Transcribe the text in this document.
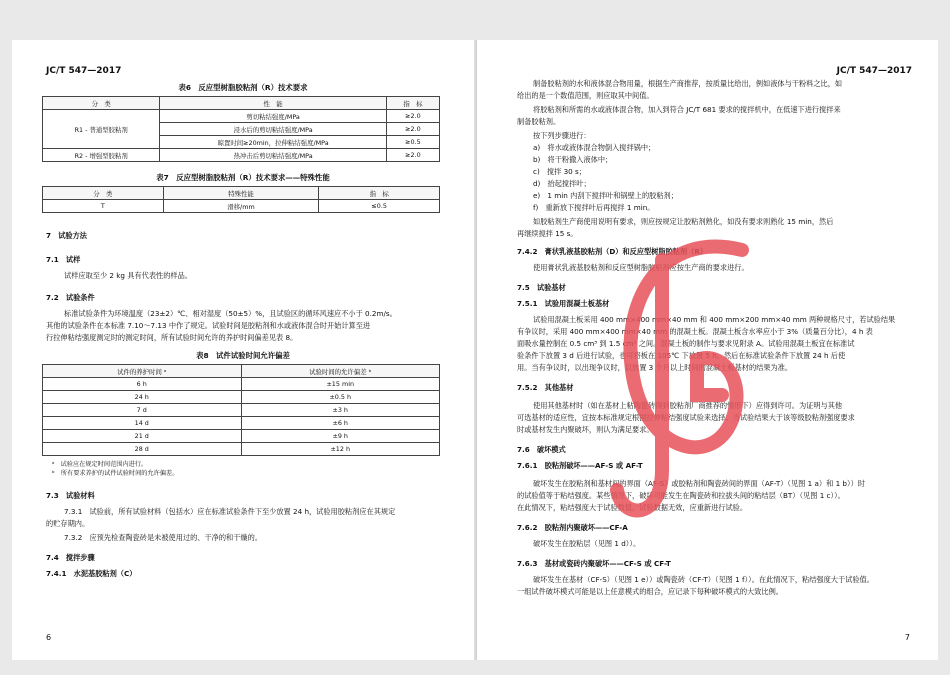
JC/T 547—2017
表6　反应型树脂胶粘剂（R）技术要求
分　类	性　能	指　标
R1 - 普通型胶粘剂	剪切粘结强度/MPa	≥2.0
	浸水后的剪切粘结强度/MPa	≥2.0
	晾置时间≥20min，拉伸粘结强度/MPa	≥0.5
R2 - 增强型胶粘剂	热冲击后剪切粘结强度/MPa	≥2.0
表7　反应型树脂胶粘剂（R）技术要求——特殊性能
分　类	特殊性能	指　标
T	滑移/mm	≤0.5
7　试验方法
7.1　试样
试样应取至少 2 kg 具有代表性的样品。
7.2　试验条件
标准试验条件为环境温度（23±2）℃、相对湿度（50±5）%，且试验区的循环风速应不小于 0.2m/s。
其他的试验条件在本标准 7.10～7.13 中作了规定。试验时间是胶粘剂和水或液体混合时开始计算至进
行拉伸粘结强度测定时的测定时间，所有试验时间允许的养护时间偏差见表 8。
表8　试件试验时间允许偏差
试件的养护时间 ᵃ	试验时间的允许偏差 ᵇ
6 h	±15 min
24 h	±0.5 h
7 d	±3 h
14 d	±6 h
21 d	±9 h
28 d	±12 h
ᵃ　试验应在规定时间范围内进行。
ᵇ　所有要求养护的试件试验时间的允许偏差。
7.3　试验材料
7.3.1　试验前，所有试验材料（包括水）应在标准试验条件下至少放置 24 h，试验用胶粘剂应在其规定
的贮存期内。
7.3.2　应预先检查陶瓷砖是未被使用过的、干净的和干燥的。
7.4　搅拌步骤
7.4.1　水泥基胶粘剂（C）
6
JC/T 547—2017
制备胶粘剂的水和液体混合物用量，根据生产商推荐，按质量比给出，例如液体与干粉料之比，如
给出的是一个数值范围，则应取其中间值。
将胶粘剂和所需的水或液体混合物，加入到符合 JC/T 681 要求的搅拌机中，在低速下进行搅拌来
制备胶粘剂。
按下列步骤进行：
a)　将水或液体混合物倒入搅拌锅中；
b)　将干粉撒入液体中；
c)　搅拌 30 s；
d)　抬起搅拌叶；
e)　1 min 内刮下搅拌叶和锅壁上的胶粘剂；
f)　重新放下搅拌叶后再搅拌 1 min。
如胶粘剂生产商使用说明有要求，则应按规定让胶粘剂熟化，如没有要求则熟化 15 min，然后
再继续搅拌 15 s。
7.4.2　膏状乳液基胶粘剂（D）和反应型树脂胶粘剂（R）
使用膏状乳液基胶粘剂和反应型树脂胶粘剂应按生产商的要求进行。
7.5　试验基材
7.5.1　试验用混凝土板基材
试验用混凝土板采用 400 mm×400 mm×40 mm 和 400 mm×200 mm×40 mm 两种规格尺寸，若试验结果
有争议时，采用 400 mm×400 mm×40 mm 的混凝土板。混凝土板含水率应小于 3%（质量百分比），4 h 表
面吸水量控制在 0.5 cm³ 到 1.5 cm³ 之间。混凝土板的制作与要求见附录 A。试验用混凝土板宜在标准试
验条件下放置 3 d 后进行试验，也可将板在 105℃ 下放置 5 h，然后在标准试验条件下放置 24 h 后使
用。当有争议时，以出现争议时，以放置 3 个月以上时间的混凝土板基材的结果为准。
7.5.2　其他基材
使用其他基材时（如在基材上粘陶瓷砖得到胶粘剂厂商推荐的情形下）应得到许可。为证明与其他
可选基材的适应性，宜按本标准规定根据拉伸粘结强度试验来选择。当试验结果大于该等级胶粘剂强度要求
时或基材发生内聚破坏，则认为满足要求。
7.6　破坏模式
7.6.1　胶粘剂破坏——AF-S 或 AF-T
破坏发生在胶粘剂和基材间的界面（AF-S）或胶粘剂和陶瓷砖间的界面（AF-T）（见图 1 a）和 1 b））时
的试验值等于粘结强度。某些情况下，破坏可能发生在陶瓷砖和拉拔头间的粘结层（BT）（见图 1 c））。
在此情况下，粘结强度大于试验数值，试验数据无效，应重新进行试验。
7.6.2　胶粘剂内聚破坏——CF-A
破坏发生在胶粘层（见图 1 d））。
7.6.3　基材或瓷砖内聚破坏——CF-S 或 CF-T
破坏发生在基材（CF-S）（见图 1 e））或陶瓷砖（CF-T）（见图 1 f））。在此情况下，粘结强度大于试验值。
一组试件破坏模式可能是以上任意模式的组合，应记录下每种破坏模式的大致比例。
7
